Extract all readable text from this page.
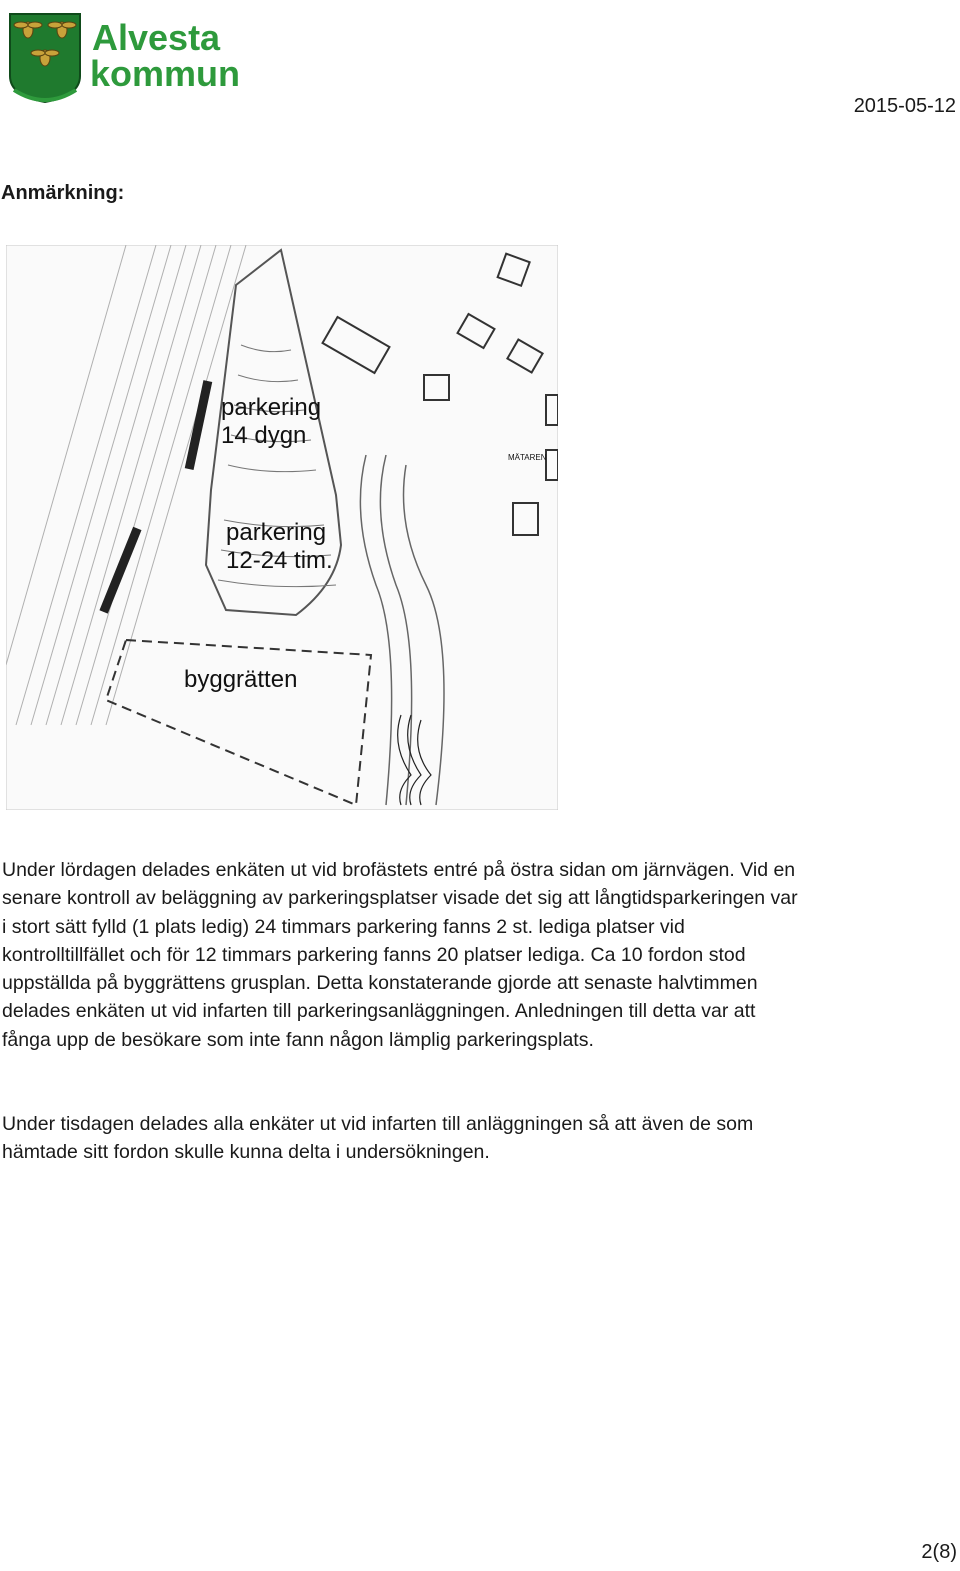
Alvesta
kommun
2015-05-12
Anmärkning:
parkering
14 dygn
parkering
12-24 tim.
byggrätten
MÄTAREN
Under lördagen delades enkäten ut vid brofästets entré på östra sidan om järnvägen. Vid en senare kontroll av beläggning av parkeringsplatser visade det sig att långtidsparkeringen var i stort sätt fylld (1 plats ledig) 24 timmars parkering fanns 2 st. lediga platser vid kontrolltillfället och för 12 timmars parkering fanns 20 platser lediga. Ca 10 fordon stod uppställda på byggrättens grusplan. Detta konstaterande gjorde att senaste halvtimmen delades enkäten ut vid infarten till parkeringsanläggningen. Anledningen till detta var att fånga upp de besökare som inte fann någon lämplig parkeringsplats.
Under tisdagen delades alla enkäter ut vid infarten till anläggningen så att även de som hämtade sitt fordon skulle kunna delta i undersökningen.
2(8)
